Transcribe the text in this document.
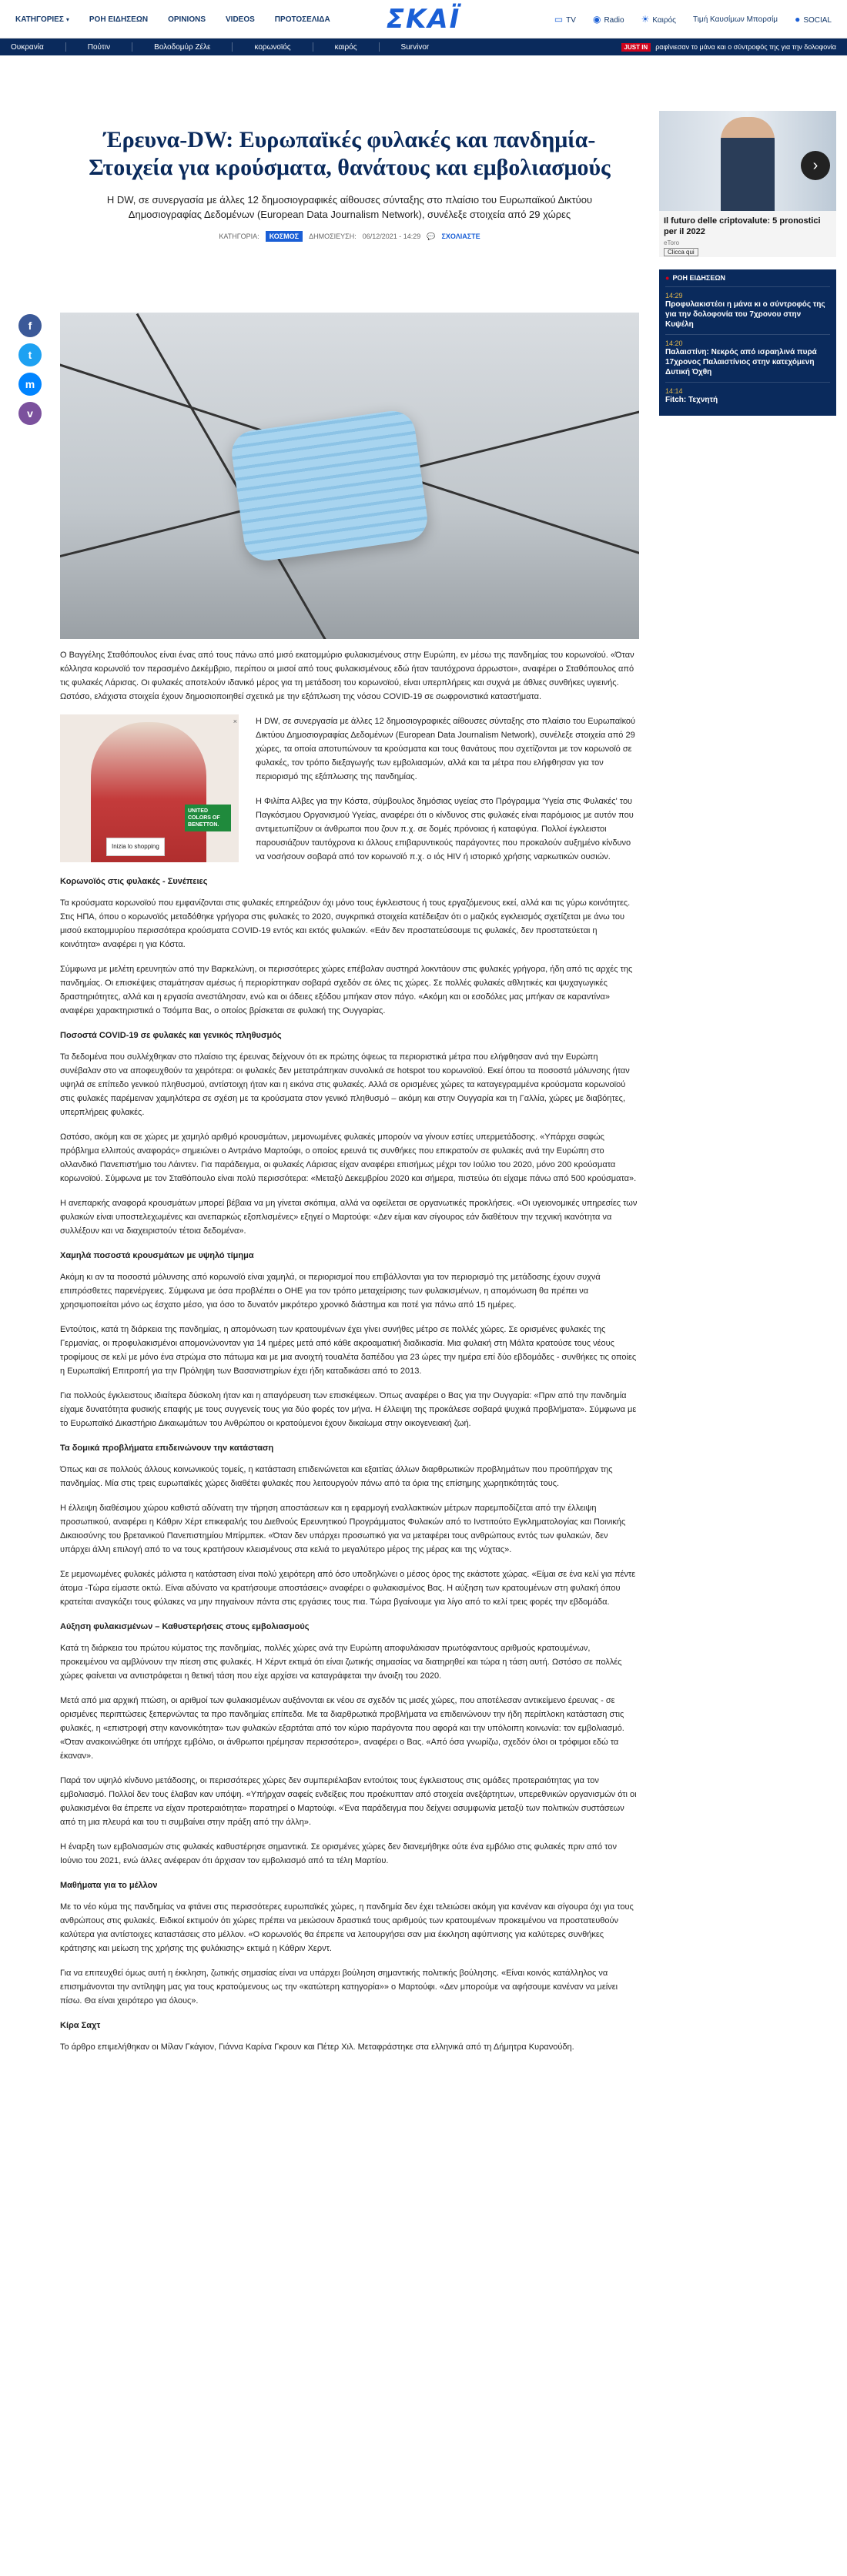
ΚΑΤΗΓΟΡΙΕΣ ▾	ΡΟΗ ΕΙΔΗΣΕΩΝ	OPINIONS	VIDEOS	ΠΡΟΤΟΣΕΛΙΔΑ ΣΚΑΪ	▭ TV ◉ Radio ☀ Καιρός Τιμή Καυσίμων Μπορσίμ ● SOCIAL
Ουκρανία	Πούτιν	Βολοδομύρ Ζέλε	κορωνοϊός	καιρός	Survivor	JUST IN	ραφίνιεσαν το μάνα και ο σύντροφός της για την δολοφονία
Έρευνα-DW: Ευρωπαϊκές φυλακές και πανδημία- Στοιχεία για κρούσματα, θανάτους και εμβολιασμούς

Η DW, σε συνεργασία με άλλες 12 δημοσιογραφικές αίθουσες σύνταξης στο πλαίσιο του Ευρωπαϊκού Δικτύου Δημοσιογραφίας Δεδομένων (European Data Journalism Network), συνέλεξε στοιχεία από 29 χώρες

ΚΑΤΗΓΟΡΙΑ:	ΚΟΣΜΟΣ	ΔΗΜΟΣΙΕΥΣΗ: 06/12/2021 - 14:29 💬 ΣΧΟΛΙΑΣΤΕ
f
t
m
v

Ο Βαγγέλης Σταθόπουλος είναι ένας από τους πάνω από μισό εκατομμύριο φυλακισμένους στην Ευρώπη, εν μέσω της πανδημίας του κορωνοϊού. «Όταν κόλλησα κορωνοϊό τον περασμένο Δεκέμβριο, περίπου οι μισοί από τους φυλακισμένους εδώ ήταν ταυτόχρονα άρρωστοι», αναφέρει ο Σταθόπουλος από τις φυλακές Λάρισας. Οι φυλακές αποτελούν ιδανικό μέρος για τη μετάδοση του κορωνοϊού, είναι υπερπλήρεις και συχνά με άθλιες συνθήκες υγιεινής. Ωστόσο, ελάχιστα στοιχεία έχουν δημοσιοποιηθεί σχετικά με την εξάπλωση της νόσου COVID-19 σε σωφρονιστικά καταστήματα.

UNITED COLORS OF BENETTON.
Inizia lo shopping
×	Η DW, σε συνεργασία με άλλες 12 δημοσιογραφικές αίθουσες σύνταξης στο πλαίσιο του Ευρωπαϊκού Δικτύου Δημοσιογραφίας Δεδομένων (European Data Journalism Network), συνέλεξε στοιχεία από 29 χώρες, τα οποία αποτυπώνουν τα κρούσματα και τους θανάτους που σχετίζονται με τον κορωνοϊό σε φυλακές, τον τρόπο διεξαγωγής των εμβολιασμών, αλλά και τα μέτρα που ελήφθησαν για τον περιορισμό της εξάπλωσης της πανδημίας.

Η Φιλίπα Αλβες για την Κόστα, σύμβουλος δημόσιας υγείας στο Πρόγραμμα 'Υγεία στις Φυλακές' του Παγκόσμιου Οργανισμού Υγείας, αναφέρει ότι ο κίνδυνος στις φυλακές είναι παρόμοιος με αυτόν που αντιμετωπίζουν οι άνθρωποι που ζουν π.χ. σε δομές πρόνοιας ή καταφύγια. Πολλοί έγκλειστοι παρουσιάζουν ταυτόχρονα κι άλλους επιβαρυντικούς παράγοντες που προκαλούν αυξημένο κίνδυνο να νοσήσουν σοβαρά από τον κορωνοϊό π.χ. ο ιός HIV ή ιστορικό χρήσης ναρκωτικών ουσιών.

Κορωνοϊός στις φυλακές - Συνέπειες

Τα κρούσματα κορωνοϊού που εμφανίζονται στις φυλακές επηρεάζουν όχι μόνο τους έγκλειστους ή τους εργαζόμενους εκεί, αλλά και τις γύρω κοινότητες. Στις ΗΠΑ, όπου ο κορωνοϊός μεταδόθηκε γρήγορα στις φυλακές το 2020, συγκριτικά στοιχεία κατέδειξαν ότι ο μαζικός εγκλεισμός σχετίζεται με άνω του μισού εκατομμυρίου περισσότερα κρούσματα COVID-19 εντός και εκτός φυλακών. «Εάν δεν προστατεύσουμε τις φυλακές, δεν προστατεύεται η κοινότητα» αναφέρει η για Κόστα.

Σύμφωνα με μελέτη ερευνητών από την Βαρκελώνη, οι περισσότερες χώρες επέβαλαν αυστηρά λοκντάουν στις φυλακές γρήγορα, ήδη από τις αρχές της πανδημίας. Οι επισκέψεις σταμάτησαν αμέσως ή περιορίστηκαν σοβαρά σχεδόν σε όλες τις χώρες. Σε πολλές φυλακές αθλητικές και ψυχαγωγικές δραστηριότητες, αλλά και η εργασία ανεστάλησαν, ενώ και οι άδειες εξόδου μπήκαν στον πάγο. «Ακόμη και οι εσοδόλες μας μπήκαν σε καραντίνα» αναφέρει χαρακτηριστικά ο Τσόμπα Βας, ο οποίος βρίσκεται σε φυλακή της Ουγγαρίας.

Ποσοστά COVID-19 σε φυλακές και γενικός πληθυσμός

Τα δεδομένα που συλλέχθηκαν στο πλαίσιο της έρευνας δείχνουν ότι εκ πρώτης όψεως τα περιοριστικά μέτρα που ελήφθησαν ανά την Ευρώπη συνέβαλαν στο να αποφευχθούν τα χειρότερα: οι φυλακές δεν μετατράπηκαν συνολικά σε hotspot του κορωνοϊού. Εκεί όπου τα ποσοστά μόλυνσης ήταν υψηλά σε επίπεδο γενικού πληθυσμού, αντίστοιχη ήταν και η εικόνα στις φυλακές. Αλλά σε ορισμένες χώρες τα καταγεγραμμένα κρούσματα κορωνοϊού στις φυλακές παρέμειναν χαμηλότερα σε σχέση με τα κρούσματα στον γενικό πληθυσμό – ακόμη και στην Ουγγαρία και τη Γαλλία, χώρες με διαβόητες, υπερπλήρεις φυλακές.

Ωστόσο, ακόμη και σε χώρες με χαμηλό αριθμό κρουσμάτων, μεμονωμένες φυλακές μπορούν να γίνουν εστίες υπερμετάδοσης. «Υπάρχει σαφώς πρόβλημα ελλιπούς αναφοράς» σημειώνει ο Αντριάνο Μαρτούφι, ο οποίος ερευνά τις συνθήκες που επικρατούν σε φυλακές ανά την Ευρώπη στο ολλανδικό Πανεπιστήμιο του Λάιντεν. Για παράδειγμα, οι φυλακές Λάρισας είχαν αναφέρει επισήμως μέχρι τον Ιούλιο του 2020, μόνο 200 κρούσματα κορωνοϊού. Σύμφωνα με τον Σταθόπουλο είναι πολύ περισσότερα: «Μεταξύ Δεκεμβρίου 2020 και σήμερα, πιστεύω ότι είχαμε πάνω από 500 κρούσματα».

Η ανεπαρκής αναφορά κρουσμάτων μπορεί βέβαια να μη γίνεται σκόπιμα, αλλά να οφείλεται σε οργανωτικές προκλήσεις. «Οι υγειονομικές υπηρεσίες των φυλακών είναι υποστελεχωμένες και ανεπαρκώς εξοπλισμένες» εξηγεί ο Μαρτούφι: «Δεν είμαι καν σίγουρος εάν διαθέτουν την τεχνική ικανότητα να συλλέξουν και να διαχειριστούν τέτοια δεδομένα».

Χαμηλά ποσοστά κρουσμάτων με υψηλό τίμημα

Ακόμη κι αν τα ποσοστά μόλυνσης από κορωνοϊό είναι χαμηλά, οι περιορισμοί που επιβάλλονται για τον περιορισμό της μετάδοσης έχουν συχνά επιπρόσθετες παρενέργειες. Σύμφωνα με όσα προβλέπει ο ΟΗΕ για τον τρόπο μεταχείρισης των φυλακισμένων, η απομόνωση θα πρέπει να χρησιμοποιείται μόνο ως έσχατο μέσο, για όσο το δυνατόν μικρότερο χρονικό διάστημα και ποτέ για πάνω από 15 ημέρες.

Εντούτοις, κατά τη διάρκεια της πανδημίας, η απομόνωση των κρατουμένων έχει γίνει συνήθες μέτρο σε πολλές χώρες. Σε ορισμένες φυλακές της Γερμανίας, οι προφυλακισμένοι απομονώνονταν για 14 ημέρες μετά από κάθε ακροαματική διαδικασία. Μια φυλακή στη Μάλτα κρατούσε τους νέους τροφίμους σε κελί με μόνο ένα στρώμα στο πάτωμα και με μια ανοιχτή τουαλέτα δαπέδου για 23 ώρες την ημέρα επί δύο εβδομάδες - συνθήκες τις οποίες η Ευρωπαϊκή Επιτροπή για την Πρόληψη των Βασανιστηρίων έχει ήδη καταδικάσει από το 2013.

Για πολλούς έγκλειστους ιδιαίτερα δύσκολη ήταν και η απαγόρευση των επισκέψεων. Όπως αναφέρει ο Βας για την Ουγγαρία: «Πριν από την πανδημία είχαμε δυνατότητα φυσικής επαφής με τους συγγενείς τους για δύο φορές τον μήνα. Η έλλειψη της προκάλεσε σοβαρά ψυχικά προβλήματα». Σύμφωνα με το Ευρωπαϊκό Δικαστήριο Δικαιωμάτων του Ανθρώπου οι κρατούμενοι έχουν δικαίωμα στην οικογενειακή ζωή.

Τα δομικά προβλήματα επιδεινώνουν την κατάσταση

Όπως και σε πολλούς άλλους κοινωνικούς τομείς, η κατάσταση επιδεινώνεται και εξαιτίας άλλων διαρθρωτικών προβλημάτων που προϋπήρχαν της πανδημίας. Μία στις τρεις ευρωπαϊκές χώρες διαθέτει φυλακές που λειτουργούν πάνω από τα όρια της επίσημης χωρητικότητάς τους.

Η έλλειψη διαθέσιμου χώρου καθιστά αδύνατη την τήρηση αποστάσεων και η εφαρμογή εναλλακτικών μέτρων παρεμποδίζεται από την έλλειψη προσωπικού, αναφέρει η Κάθριν Χέρτ επικεφαλής του Διεθνούς Ερευνητικού Προγράμματος Φυλακών από το Ινστιτούτο Εγκληματολογίας και Ποινικής Δικαιοσύνης του βρετανικού Πανεπιστημίου Μπίρμπεκ. «Όταν δεν υπάρχει προσωπικό για να μεταφέρει τους ανθρώπους εντός των φυλακών, δεν υπάρχει άλλη επιλογή από το να τους κρατήσουν κλεισμένους στα κελιά το μεγαλύτερο μέρος της μέρας και της νύχτας».

Σε μεμονωμένες φυλακές μάλιστα η κατάσταση είναι πολύ χειρότερη από όσο υποδηλώνει ο μέσος όρος της εκάστοτε χώρας. «Είμαι σε ένα κελί για πέντε άτομα -Τώρα είμαστε οκτώ. Είναι αδύνατο να κρατήσουμε αποστάσεις» αναφέρει ο φυλακισμένος Βας. Η αύξηση των κρατουμένων στη φυλακή όπου κρατείται αναγκάζει τους φύλακες να μην πηγαίνουν πάντα στις εργάσιες τους πια. Τώρα βγαίνουμε για λίγο από το κελί τρεις φορές την εβδομάδα.

Αύξηση φυλακισμένων – Καθυστερήσεις στους εμβολιασμούς

Κατά τη διάρκεια του πρώτου κύματος της πανδημίας, πολλές χώρες ανά την Ευρώπη αποφυλάκισαν πρωτόφαντους αριθμούς κρατουμένων, προκειμένου να αμβλύνουν την πίεση στις φυλακές. Η Χέρντ εκτιμά ότι είναι ζωτικής σημασίας να διατηρηθεί και τώρα η τάση αυτή. Ωστόσο σε πολλές χώρες φαίνεται να αντιστράφεται η θετική τάση που είχε αρχίσει να καταγράφεται την άνοιξη του 2020.

Μετά από μια αρχική πτώση, οι αριθμοί των φυλακισμένων αυξάνονται εκ νέου σε σχεδόν τις μισές χώρες, που αποτέλεσαν αντικείμενο έρευνας - σε ορισμένες περιπτώσεις ξεπερνώντας τα προ πανδημίας επίπεδα. Με τα διαρθρωτικά προβλήματα να επιδεινώνουν την ήδη περίπλοκη κατάσταση στις φυλακές, η «επιστροφή στην κανονικότητα» των φυλακών εξαρτάται από τον κύριο παράγοντα που αφορά και την υπόλοιπη κοινωνία: τον εμβολιασμό. «Όταν ανακοινώθηκε ότι υπήρχε εμβόλιο, οι άνθρωποι ηρέμησαν περισσότερο», αναφέρει ο Βας. «Από όσα γνωρίζω, σχεδόν όλοι οι τρόφιμοι εδώ τα έκαναν».

Παρά τον υψηλό κίνδυνο μετάδοσης, οι περισσότερες χώρες δεν συμπεριέλαβαν εντούτοις τους έγκλειστους στις ομάδες προτεραιότητας για τον εμβολιασμό. Πολλοί δεν τους έλαβαν καν υπόψη. «Υπήρχαν σαφείς ενδείξεις που προέκυπταν από στοιχεία ανεξάρτητων, υπερεθνικών οργανισμών ότι οι φυλακισμένοι θα έπρεπε να είχαν προτεραιότητα» παρατηρεί ο Μαρτούφι. «Ένα παράδειγμα που δείχνει ασυμφωνία μεταξύ των πολιτικών συστάσεων από τη μια πλευρά και του τι συμβαίνει στην πράξη από την άλλη».

Η έναρξη των εμβολιασμών στις φυλακές καθυστέρησε σημαντικά. Σε ορισμένες χώρες δεν διανεμήθηκε ούτε ένα εμβόλιο στις φυλακές πριν από τον Ιούνιο του 2021, ενώ άλλες ανέφεραν ότι άρχισαν τον εμβολιασμό από τα τέλη Μαρτίου.

Μαθήματα για το μέλλον

Με το νέο κύμα της πανδημίας να φτάνει στις περισσότερες ευρωπαϊκές χώρες, η πανδημία δεν έχει τελειώσει ακόμη για κανέναν και σίγουρα όχι για τους ανθρώπους στις φυλακές. Ειδικοί εκτιμούν ότι χώρες πρέπει να μειώσουν δραστικά τους αριθμούς των κρατουμένων προκειμένου να προστατευθούν καλύτερα για αντίστοιχες καταστάσεις στο μέλλον. «Ο κορωνοϊός θα έπρεπε να λειτουργήσει σαν μια έκκληση αφύπνισης για καλύτερες συνθήκες κράτησης και μείωση της χρήσης της φυλάκισης» εκτιμά η Κάθριν Χερντ.

Για να επιτευχθεί όμως αυτή η έκκληση, ζωτικής σημασίας είναι να υπάρχει βούληση σημαντικής πολιτικής βούλησης. «Είναι κοινός κατάλληλος να επισημάνονται την αντίληψη μας για τους κρατούμενους ως την «κατώτερη κατηγορία»» ο Μαρτούφι. «Δεν μπορούμε να αφήσουμε κανέναν να μείνει πίσω. Θα είναι χειρότερο για όλους».

Κίρα Σαχτ

Το άρθρο επιμελήθηκαν οι Μίλαν Γκάγιον, Γιάννα Καρίνα Γκρουν και Πέτερ Χιλ. Μεταφράστηκε στα ελληνικά από τη Δήμητρα Κυρανούδη.

›
Il futuro delle criptovalute: 5 pronostici per il 2022
eToro
Clicca qui
● ΡΟΗ ΕΙΔΗΣΕΩΝ
14:29
Προφυλακιστέοι η μάνα κι ο σύντροφός της για την δολοφονία του 7χρονου στην Κυψέλη
14:20
Παλαιστίνη: Νεκρός από ισραηλινά πυρά 17χρονος Παλαιστίνιος στην κατεχόμενη Δυτική Όχθη
14:14
Fitch: Τεχνητή
